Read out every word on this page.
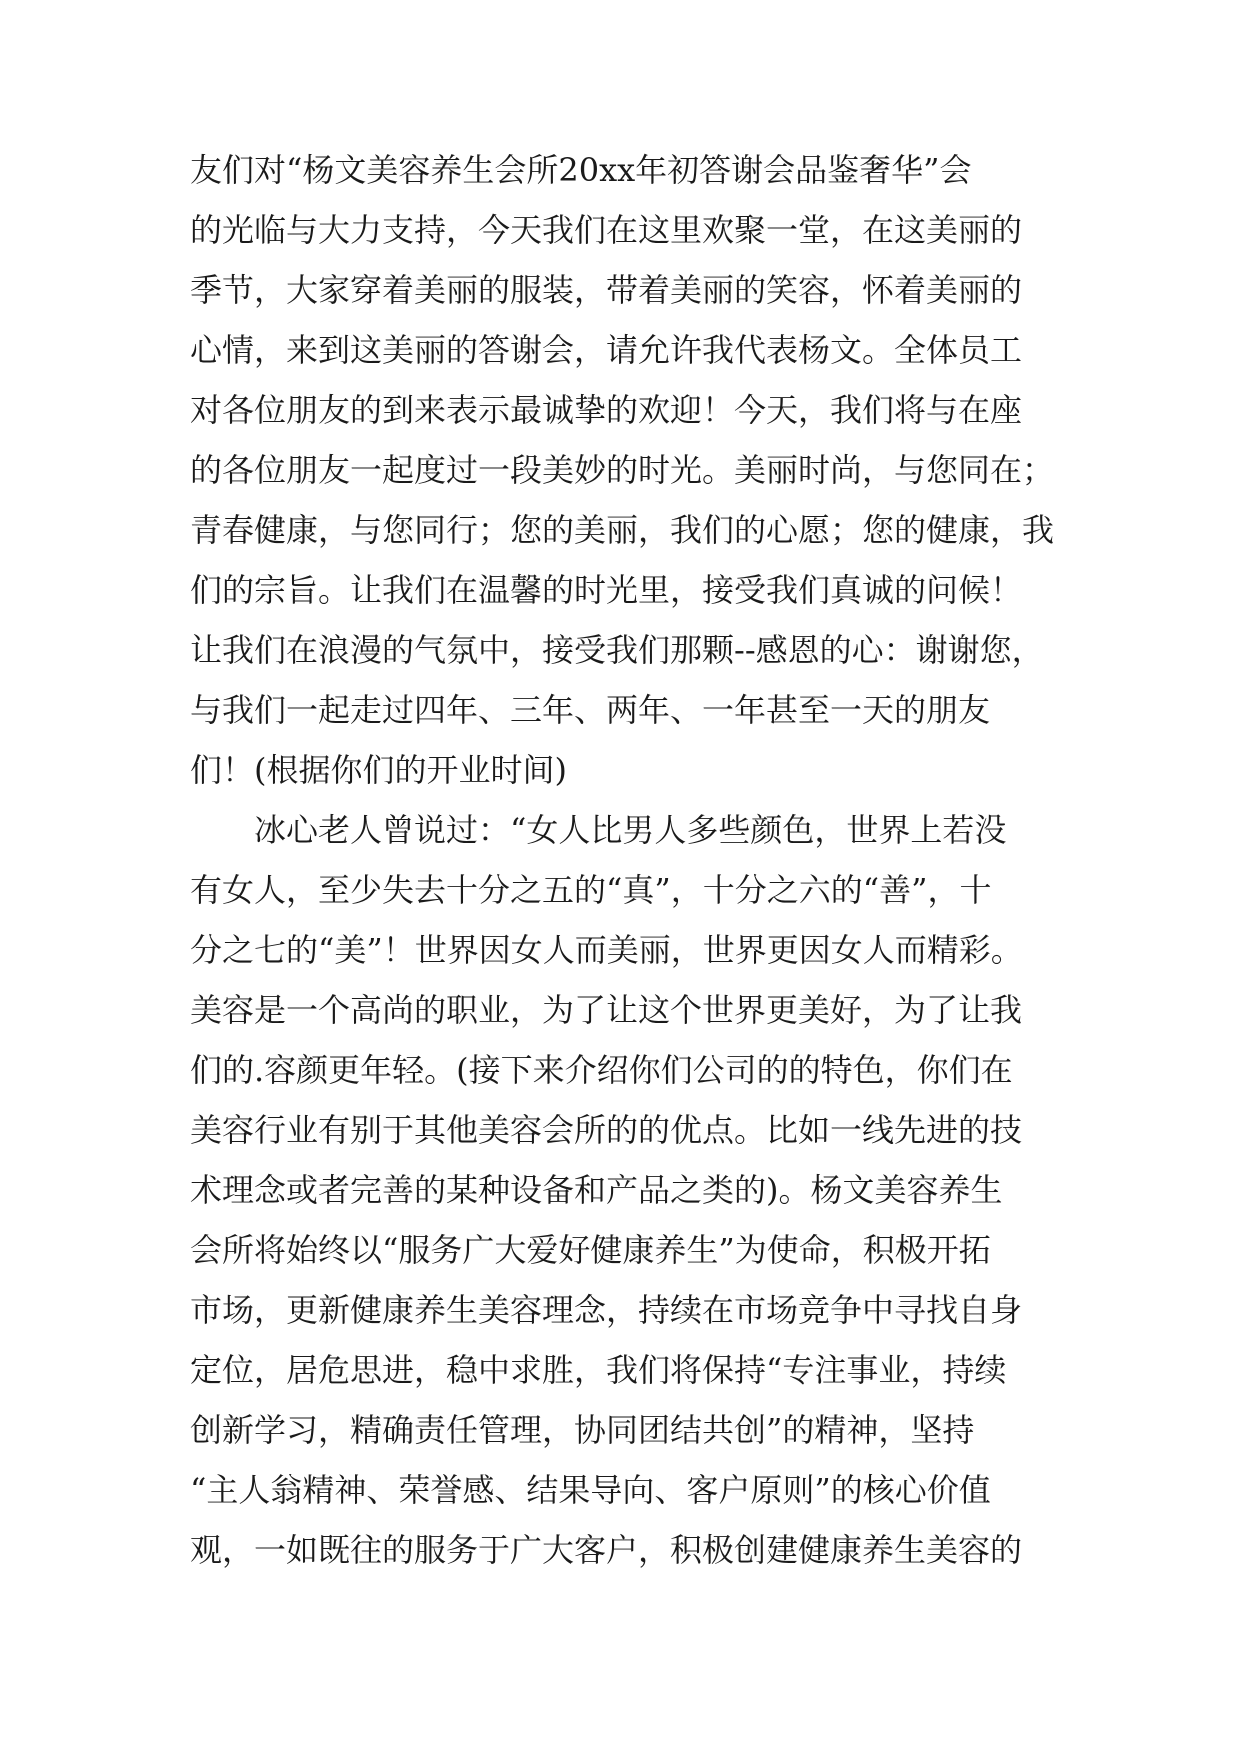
友们对“杨文美容养生会所20xx年初答谢会品鉴奢华”会
的光临与大力支持，今天我们在这里欢聚一堂，在这美丽的
季节，大家穿着美丽的服装，带着美丽的笑容，怀着美丽的
心情，来到这美丽的答谢会，请允许我代表杨文。全体员工
对各位朋友的到来表示最诚挚的欢迎！今天，我们将与在座
的各位朋友一起度过一段美妙的时光。美丽时尚，与您同在；
青春健康，与您同行；您的美丽，我们的心愿；您的健康，我
们的宗旨。让我们在温馨的时光里，接受我们真诚的问候！
让我们在浪漫的气氛中，接受我们那颗--感恩的心：谢谢您，
与我们一起走过四年、三年、两年、一年甚至一天的朋友
们！(根据你们的开业时间)
冰心老人曾说过：“女人比男人多些颜色，世界上若没
有女人，至少失去十分之五的“真”，十分之六的“善”，十
分之七的“美”！世界因女人而美丽，世界更因女人而精彩。
美容是一个高尚的职业，为了让这个世界更美好，为了让我
们的.容颜更年轻。(接下来介绍你们公司的的特色，你们在
美容行业有别于其他美容会所的的优点。比如一线先进的技
术理念或者完善的某种设备和产品之类的)。杨文美容养生
会所将始终以“服务广大爱好健康养生”为使命，积极开拓
市场，更新健康养生美容理念，持续在市场竞争中寻找自身
定位，居危思进，稳中求胜，我们将保持“专注事业，持续
创新学习，精确责任管理，协同团结共创”的精神，坚持
“主人翁精神、荣誉感、结果导向、客户原则”的核心价值
观，一如既往的服务于广大客户，积极创建健康养生美容的
